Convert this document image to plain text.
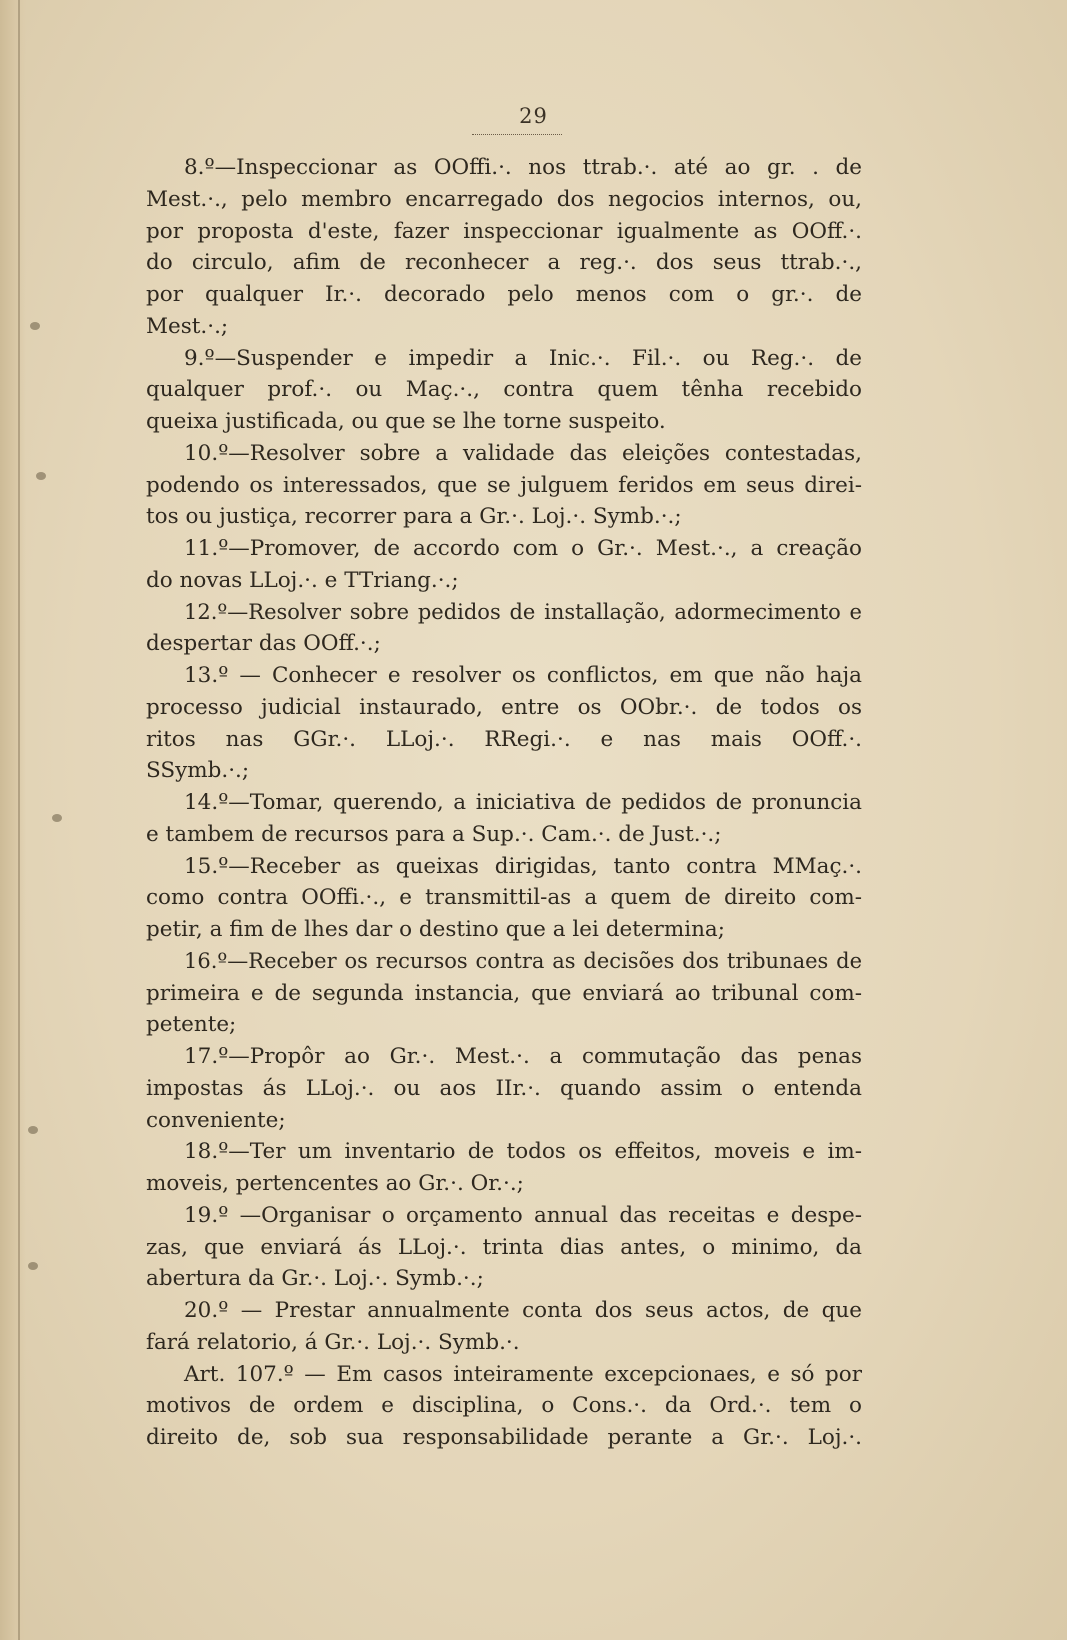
29
8.º—Inspeccionar as OOffi.·. nos ttrab.·. até ao gr. . de
Mest.·., pelo membro encarregado dos negocios internos, ou,
por proposta d'este, fazer inspeccionar igualmente as OOff.·.
do circulo, afim de reconhecer a reg.·. dos seus ttrab.·.,
por qualquer Ir.·. decorado pelo menos com o gr.·. de
Mest.·.;
9.º—Suspender e impedir a Inic.·. Fil.·. ou Reg.·. de
qualquer prof.·. ou Maç.·., contra quem tênha recebido
queixa justificada, ou que se lhe torne suspeito.
10.º—Resolver sobre a validade das eleições contestadas,
podendo os interessados, que se julguem feridos em seus direi-
tos ou justiça, recorrer para a Gr.·. Loj.·. Symb.·.;
11.º—Promover, de accordo com o Gr.·. Mest.·., a creação
do novas LLoj.·. e TTriang.·.;
12.º—Resolver sobre pedidos de installação, adormecimento e
despertar das OOff.·.;
13.º — Conhecer e resolver os conflictos, em que não haja
processo judicial instaurado, entre os OObr.·. de todos os
ritos nas GGr.·. LLoj.·. RRegi.·. e nas mais OOff.·.
SSymb.·.;
14.º—Tomar, querendo, a iniciativa de pedidos de pronuncia
e tambem de recursos para a Sup.·. Cam.·. de Just.·.;
15.º—Receber as queixas dirigidas, tanto contra MMaç.·.
como contra OOffi.·., e transmittil-as a quem de direito com-
petir, a fim de lhes dar o destino que a lei determina;
16.º—Receber os recursos contra as decisões dos tribunaes de
primeira e de segunda instancia, que enviará ao tribunal com-
petente;
17.º—Propôr ao Gr.·. Mest.·. a commutação das penas
impostas ás LLoj.·. ou aos IIr.·. quando assim o entenda
conveniente;
18.º—Ter um inventario de todos os effeitos, moveis e im-
moveis, pertencentes ao Gr.·. Or.·.;
19.º —Organisar o orçamento annual das receitas e despe-
zas, que enviará ás LLoj.·. trinta dias antes, o minimo, da
abertura da Gr.·. Loj.·. Symb.·.;
20.º — Prestar annualmente conta dos seus actos, de que
fará relatorio, á Gr.·. Loj.·. Symb.·.
Art. 107.º — Em casos inteiramente excepcionaes, e só por
motivos de ordem e disciplina, o Cons.·. da Ord.·. tem o
direito de, sob sua responsabilidade perante a Gr.·. Loj.·.
